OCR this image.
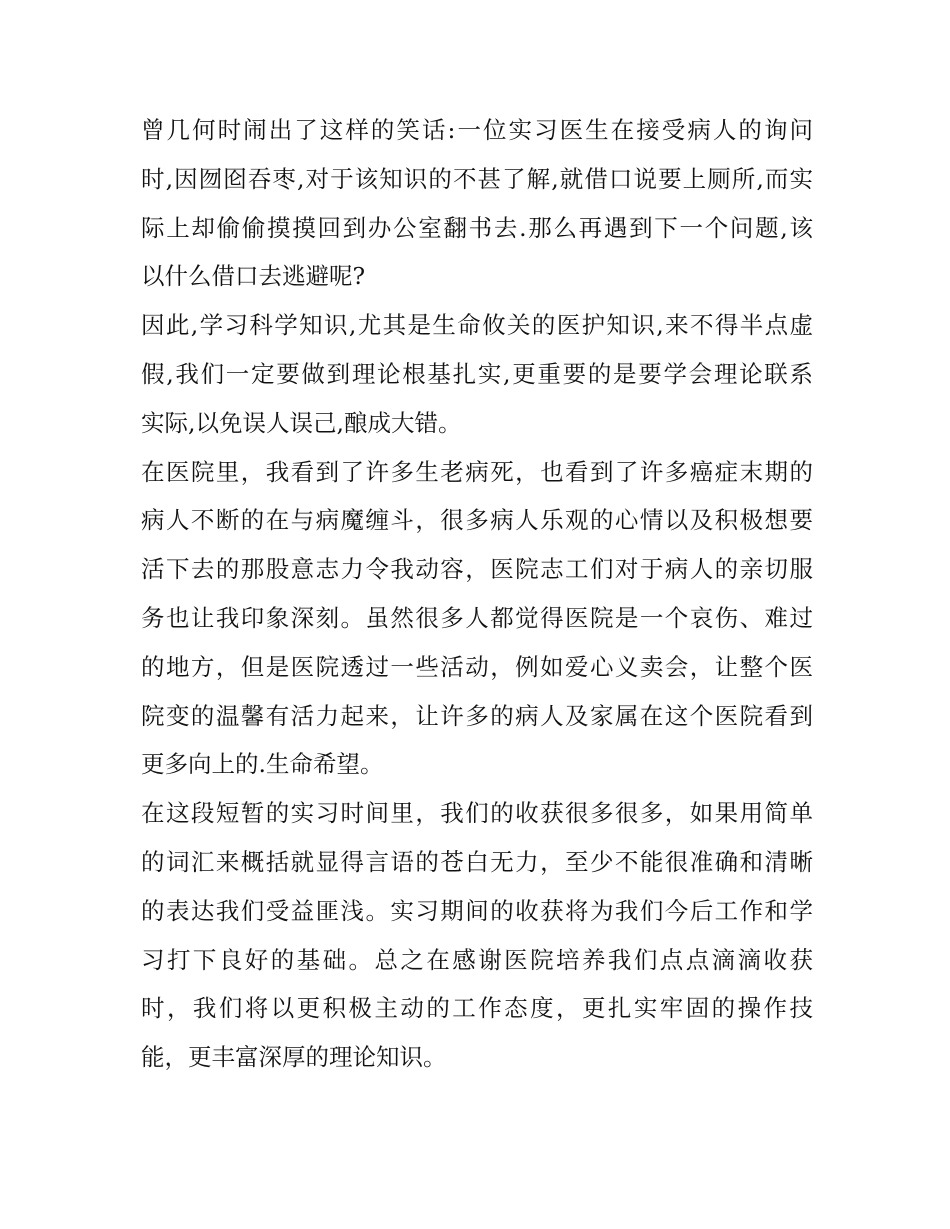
曾几何时闹出了这样的笑话:一位实习医生在接受病人的询问
时,因囫囵吞枣,对于该知识的不甚了解,就借口说要上厕所,而实
际上却偷偷摸摸回到办公室翻书去.那么再遇到下一个问题,该
以什么借口去逃避呢?
因此,学习科学知识,尤其是生命攸关的医护知识,来不得半点虚
假,我们一定要做到理论根基扎实,更重要的是要学会理论联系
实际,以免误人误己,酿成大错。
在医院里，我看到了许多生老病死，也看到了许多癌症末期的
病人不断的在与病魔缠斗，很多病人乐观的心情以及积极想要
活下去的那股意志力令我动容，医院志工们对于病人的亲切服
务也让我印象深刻。虽然很多人都觉得医院是一个哀伤、难过
的地方，但是医院透过一些活动，例如爱心义卖会，让整个医
院变的温馨有活力起来，让许多的病人及家属在这个医院看到
更多向上的.生命希望。
在这段短暂的实习时间里，我们的收获很多很多，如果用简单
的词汇来概括就显得言语的苍白无力，至少不能很准确和清晰
的表达我们受益匪浅。实习期间的收获将为我们今后工作和学
习打下良好的基础。总之在感谢医院培养我们点点滴滴收获
时，我们将以更积极主动的工作态度，更扎实牢固的操作技
能，更丰富深厚的理论知识。
